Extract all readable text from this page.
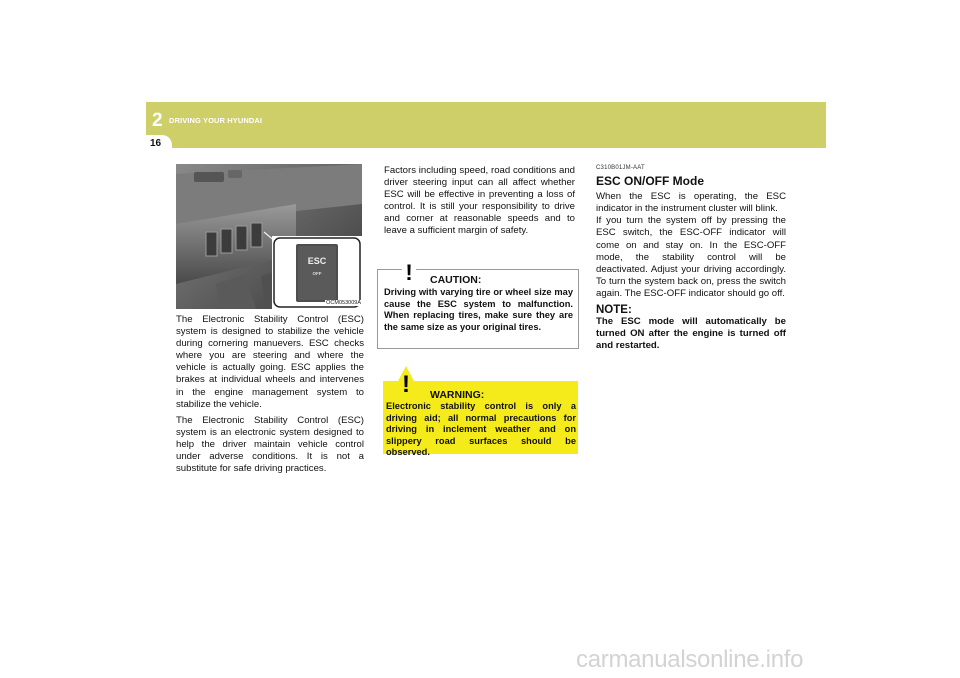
2 DRIVING YOUR HYUNDAI
16
ESC
OFF
OCM053009A

The Electronic Stability Control (ESC) system is designed to stabilize the vehicle during cornering manuevers. ESC checks where you are steering and where the vehicle is actually going. ESC applies the brakes at individual wheels and intervenes in the engine management system to stabilize the vehicle.

The Electronic Stability Control (ESC) system is an electronic system designed to help the driver maintain vehicle control under adverse conditions. It is not a substitute for safe driving practices.

Factors including speed, road conditions and driver steering input can all affect whether ESC will be effective in preventing a loss of control. It is still your responsibility to drive and corner at reasonable speeds and to leave a sufficient margin of safety.

! CAUTION:
Driving with varying tire or wheel size may cause the ESC system to malfunction. When replacing tires, make sure they are the same size as your original tires.
! WARNING:
Electronic stability control is only a driving aid; all normal precautions for driving in inclement weather and on slippery road surfaces should be observed.
C310B01JM-AAT
ESC ON/OFF Mode

When the ESC is operating, the ESC indicator in the instrument cluster will blink.

If you turn the system off by pressing the ESC switch, the ESC-OFF indicator will come on and stay on. In the ESC-OFF mode, the stability control will be deactivated. Adjust your driving accordingly. To turn the system back on, press the switch again. The ESC-OFF indicator should go off.

NOTE:
The ESC mode will automatically be turned ON after the engine is turned off and restarted.
carmanualsonline.info
